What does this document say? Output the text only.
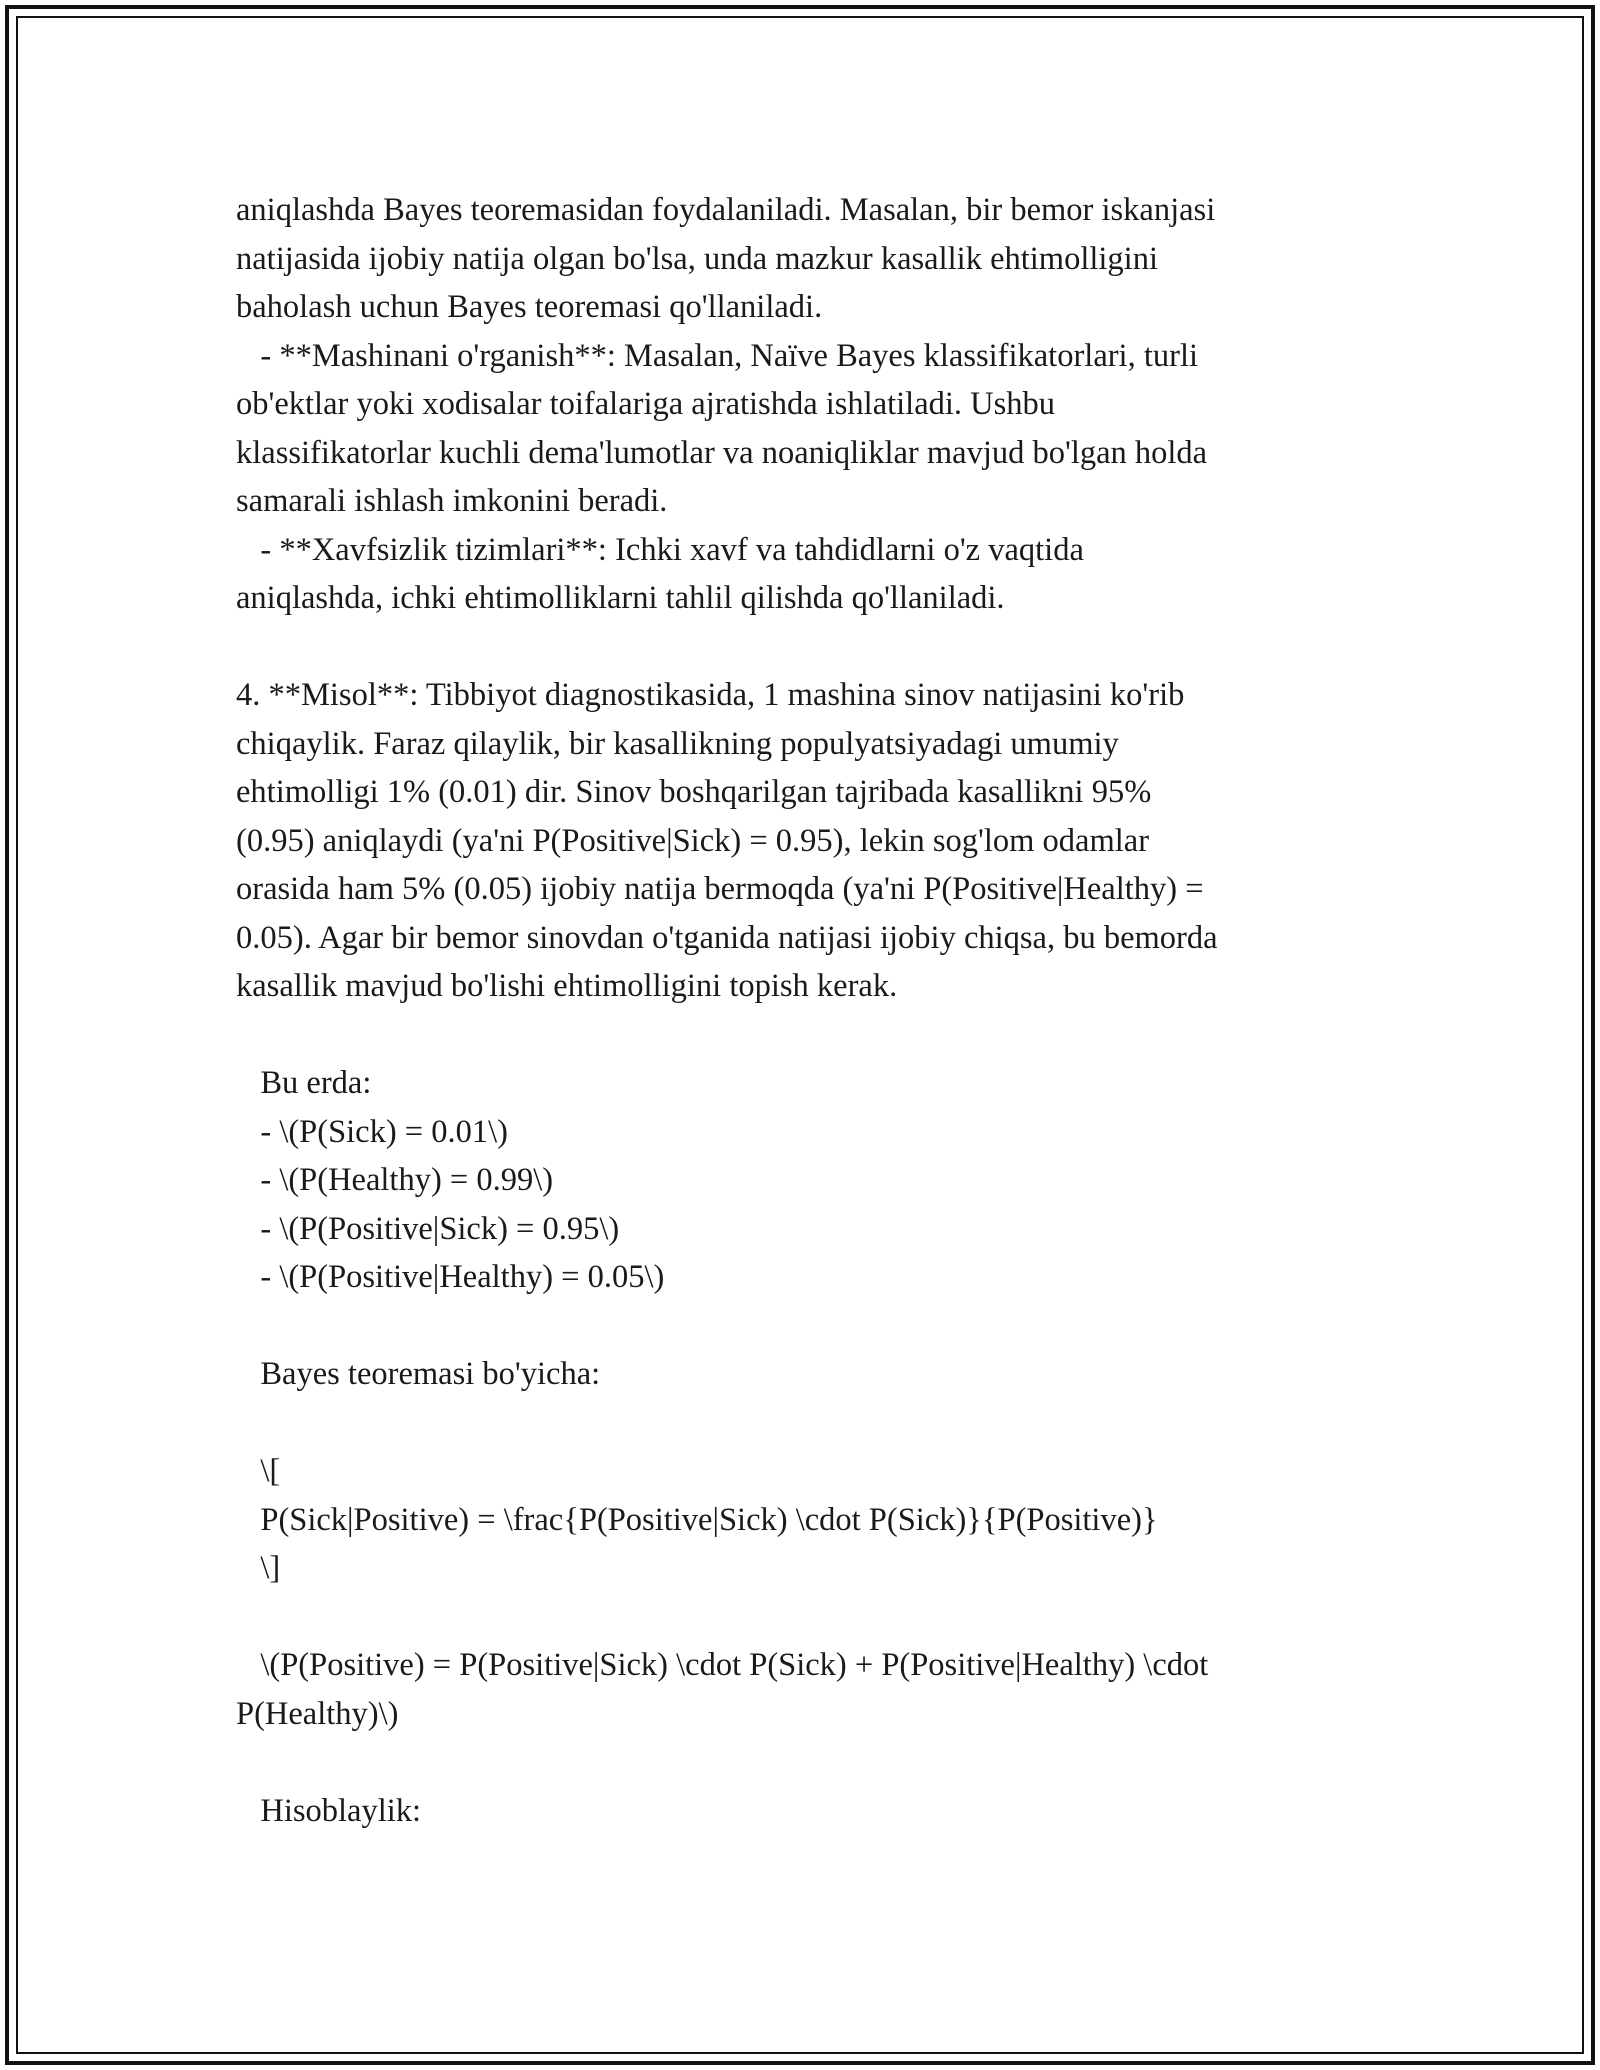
aniqlashda Bayes teoremasidan foydalaniladi. Masalan, bir bemor iskanjasi
natijasida ijobiy natija olgan bo'lsa, unda mazkur kasallik ehtimolligini
baholash uchun Bayes teoremasi qo'llaniladi.
- **Mashinani o'rganish**: Masalan, Naïve Bayes klassifikatorlari, turli
ob'ektlar yoki xodisalar toifalariga ajratishda ishlatiladi. Ushbu
klassifikatorlar kuchli dema'lumotlar va noaniqliklar mavjud bo'lgan holda
samarali ishlash imkonini beradi.
- **Xavfsizlik tizimlari**: Ichki xavf va tahdidlarni o'z vaqtida
aniqlashda, ichki ehtimolliklarni tahlil qilishda qo'llaniladi.
4. **Misol**: Tibbiyot diagnostikasida, 1 mashina sinov natijasini ko'rib
chiqaylik. Faraz qilaylik, bir kasallikning populyatsiyadagi umumiy
ehtimolligi 1% (0.01) dir. Sinov boshqarilgan tajribada kasallikni 95%
(0.95) aniqlaydi (ya'ni P(Positive|Sick) = 0.95), lekin sog'lom odamlar
orasida ham 5% (0.05) ijobiy natija bermoqda (ya'ni P(Positive|Healthy) =
0.05). Agar bir bemor sinovdan o'tganida natijasi ijobiy chiqsa, bu bemorda
kasallik mavjud bo'lishi ehtimolligini topish kerak.
Bu erda:
- \(P(Sick) = 0.01\)
- \(P(Healthy) = 0.99\)
- \(P(Positive|Sick) = 0.95\)
- \(P(Positive|Healthy) = 0.05\)
Bayes teoremasi bo'yicha:
\[
P(Sick|Positive) = \frac{P(Positive|Sick) \cdot P(Sick)}{P(Positive)}
\]
\(P(Positive) = P(Positive|Sick) \cdot P(Sick) + P(Positive|Healthy) \cdot
P(Healthy)\)
Hisoblaylik:
